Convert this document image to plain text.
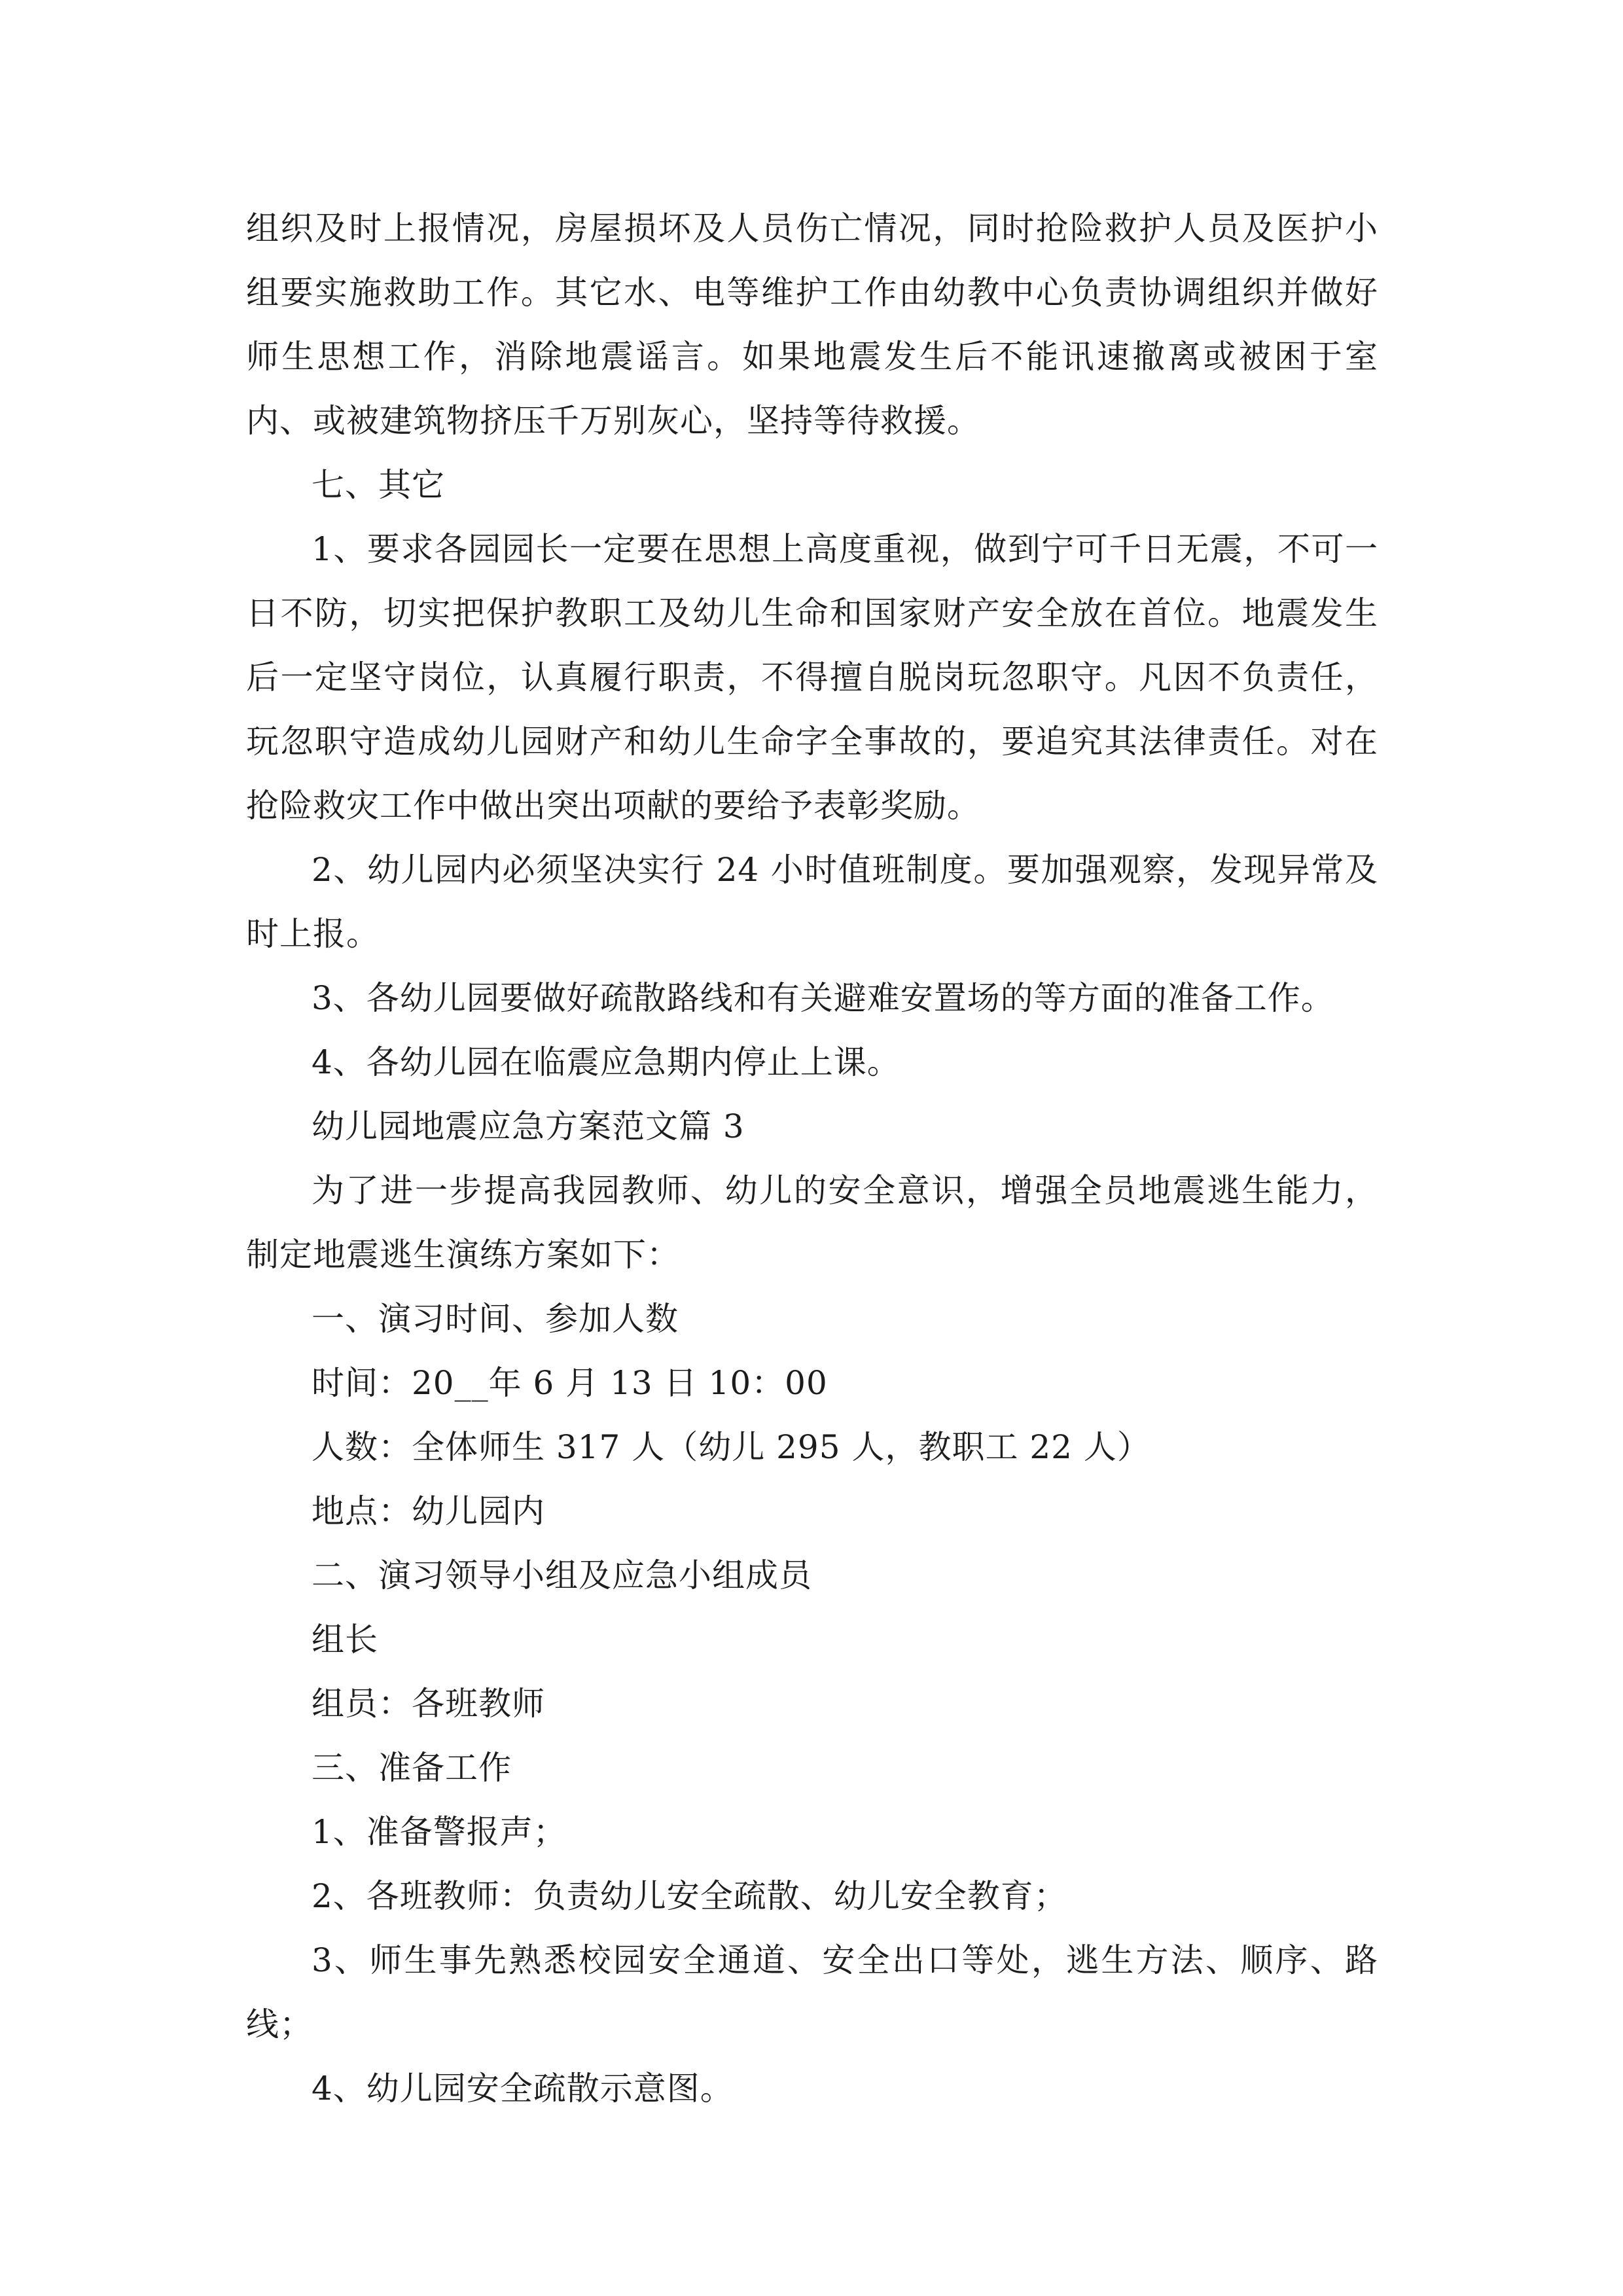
组织及时上报情况，房屋损坏及人员伤亡情况，同时抢险救护人员及医护小组要实施救助工作。其它水、电等维护工作由幼教中心负责协调组织并做好师生思想工作，消除地震谣言。如果地震发生后不能讯速撤离或被困于室内、或被建筑物挤压千万别灰心，坚持等待救援。

七、其它

1、要求各园园长一定要在思想上高度重视，做到宁可千日无震，不可一日不防，切实把保护教职工及幼儿生命和国家财产安全放在首位。地震发生后一定坚守岗位，认真履行职责，不得擅自脱岗玩忽职守。凡因不负责任，玩忽职守造成幼儿园财产和幼儿生命字全事故的，要追究其法律责任。对在抢险救灾工作中做出突出项献的要给予表彰奖励。

2、幼儿园内必须坚决实行 24 小时值班制度。要加强观察，发现异常及时上报。

3、各幼儿园要做好疏散路线和有关避难安置场的等方面的准备工作。

4、各幼儿园在临震应急期内停止上课。

幼儿园地震应急方案范文篇 3

为了进一步提高我园教师、幼儿的安全意识，增强全员地震逃生能力，制定地震逃生演练方案如下：

一、演习时间、参加人数

时间：20__年 6 月 13 日 10：00

人数：全体师生 317 人（幼儿 295 人，教职工 22 人）

地点：幼儿园内

二、演习领导小组及应急小组成员

组长

组员：各班教师

三、准备工作

1、准备警报声；

2、各班教师：负责幼儿安全疏散、幼儿安全教育；

3、师生事先熟悉校园安全通道、安全出口等处，逃生方法、顺序、路线；

4、幼儿园安全疏散示意图。
